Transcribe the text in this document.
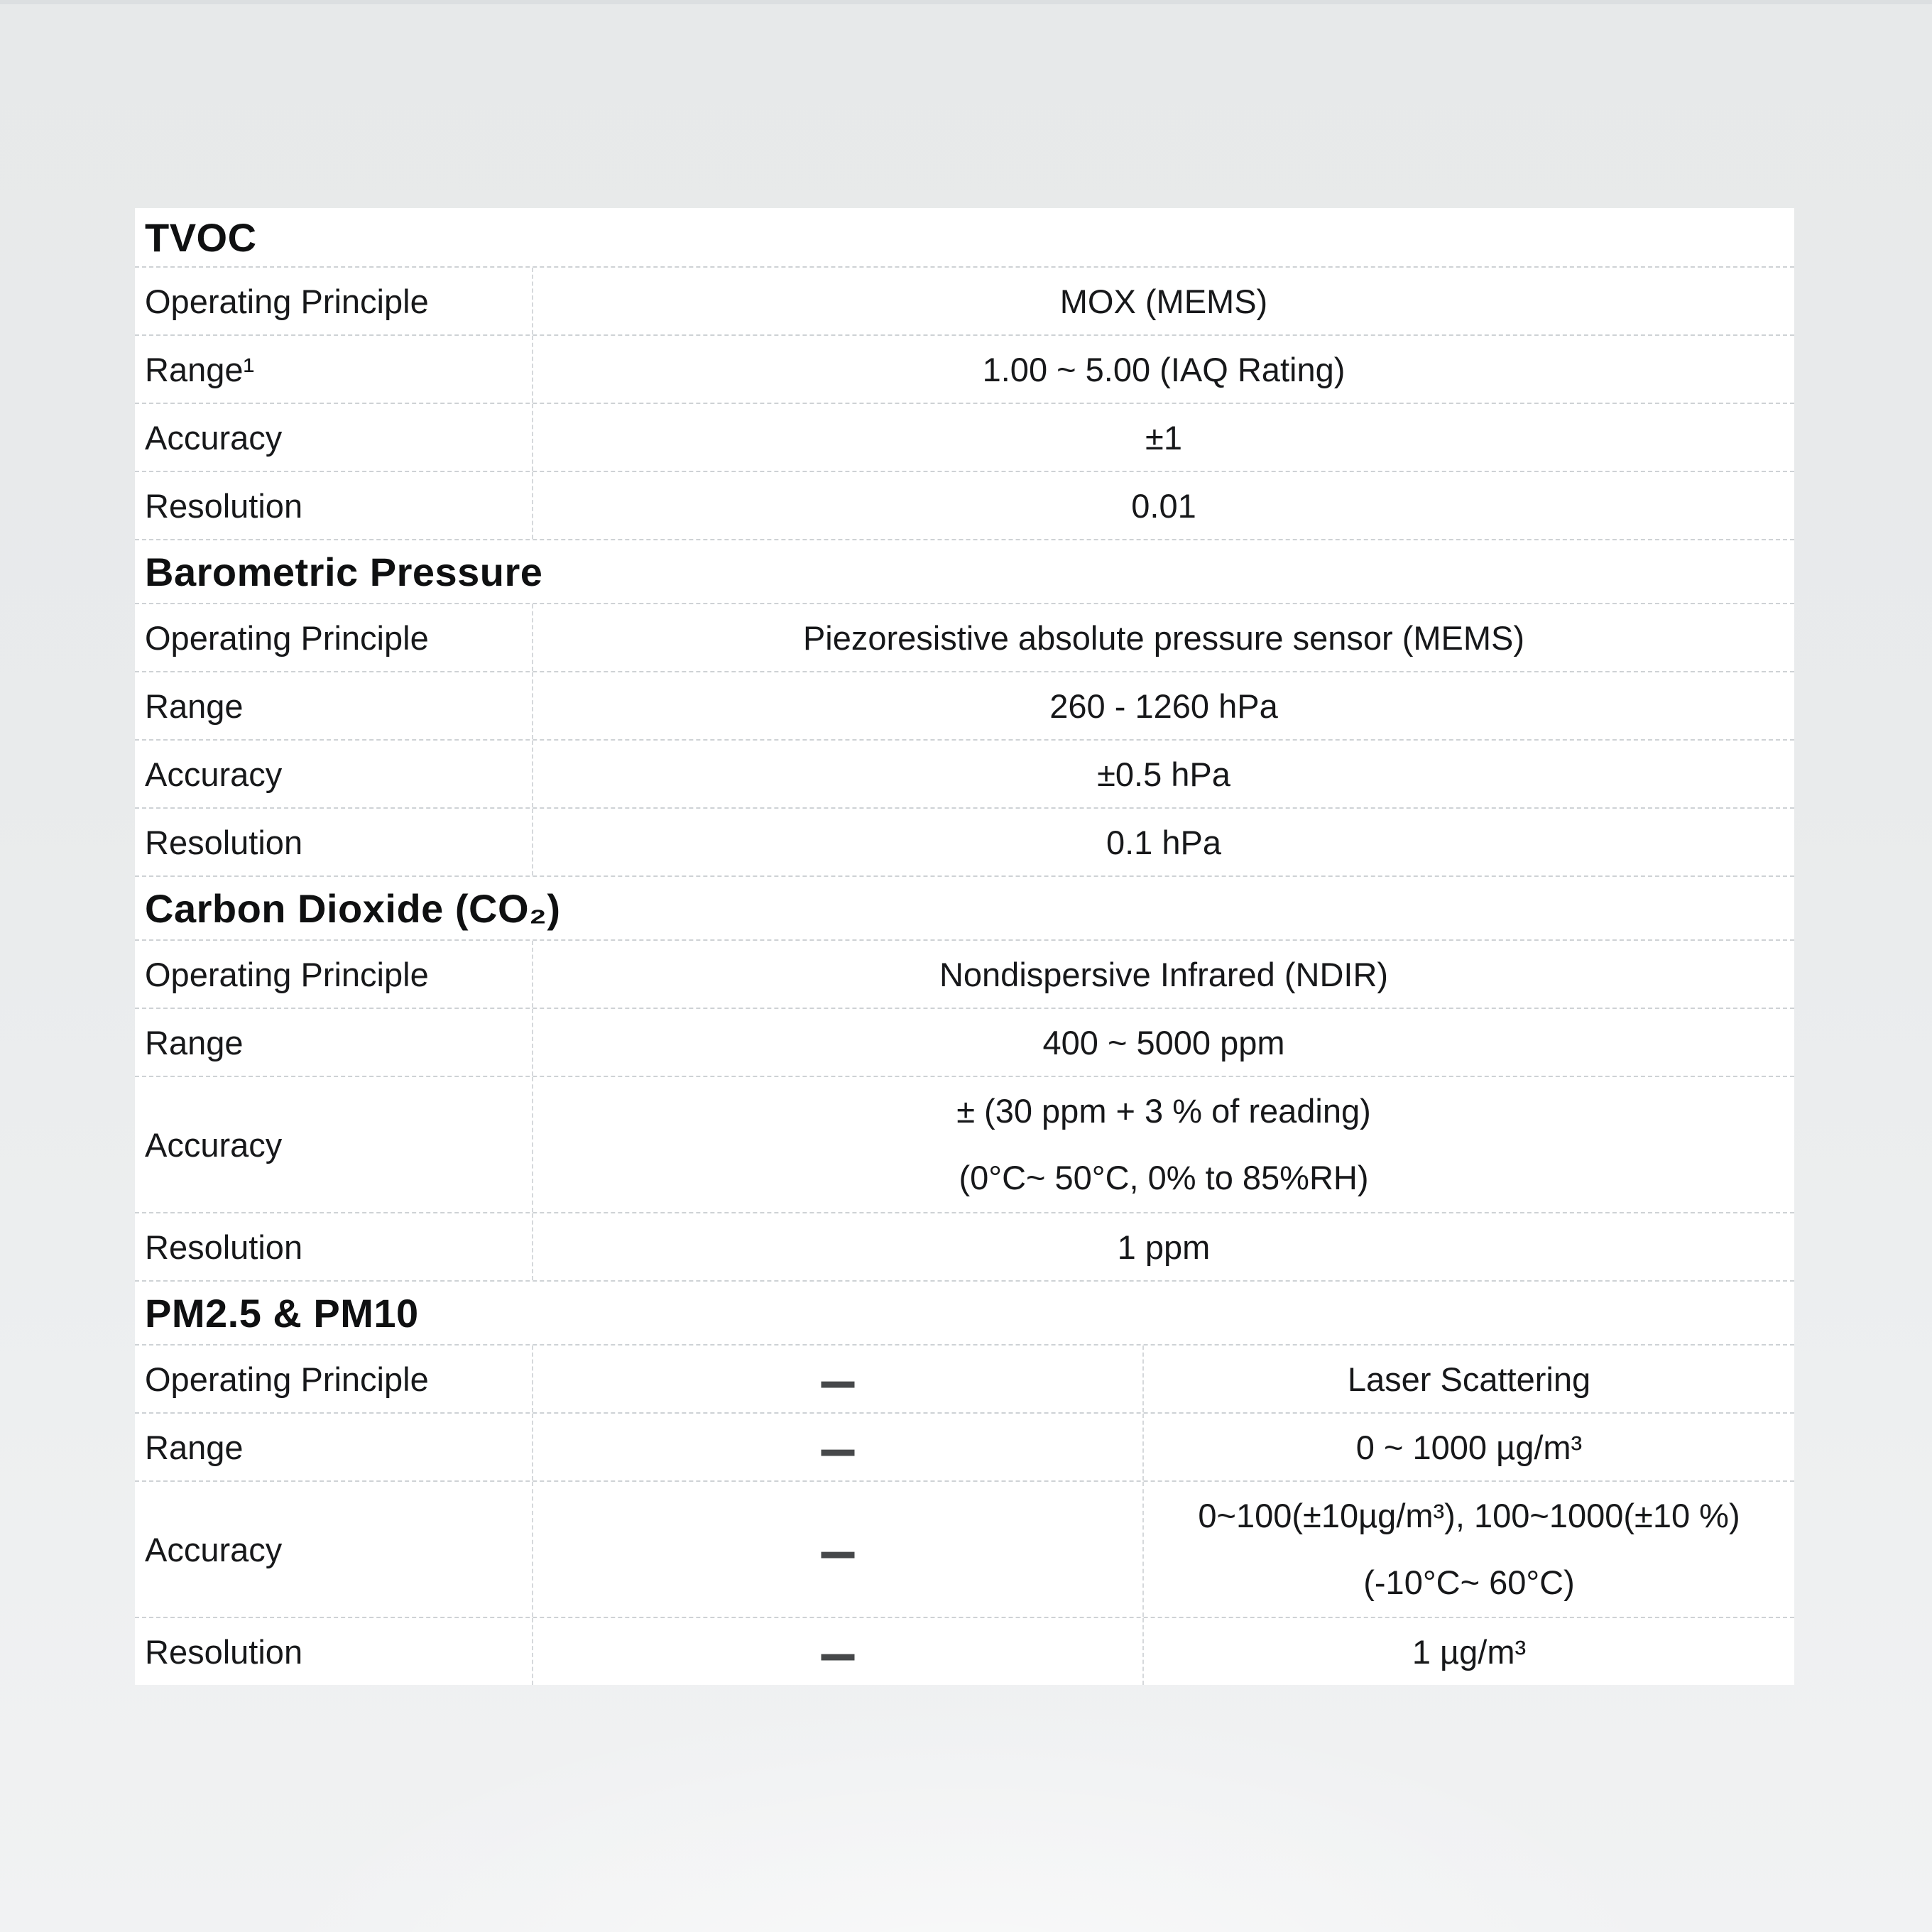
TVOC
Operating Principle	MOX (MEMS)
Range¹	1.00 ~ 5.00 (IAQ Rating)
Accuracy	±1
Resolution	0.01
Barometric Pressure
Operating Principle	Piezoresistive absolute pressure sensor (MEMS)
Range	260 - 1260 hPa
Accuracy	±0.5 hPa
Resolution	0.1 hPa
Carbon Dioxide (CO₂)
Operating Principle	Nondispersive Infrared (NDIR)
Range	400 ~ 5000 ppm
Accuracy
± (30 ppm + 3 % of reading)
(0°C~ 50°C, 0% to 85%RH)
Resolution	1 ppm
PM2.5 & PM10
Operating Principle	—	Laser Scattering
Range	—	0 ~ 1000 µg/m³
Accuracy	—	0~100(±10µg/m³), 100~1000(±10 %)
(-10°C~ 60°C)
Resolution	—	1 µg/m³
